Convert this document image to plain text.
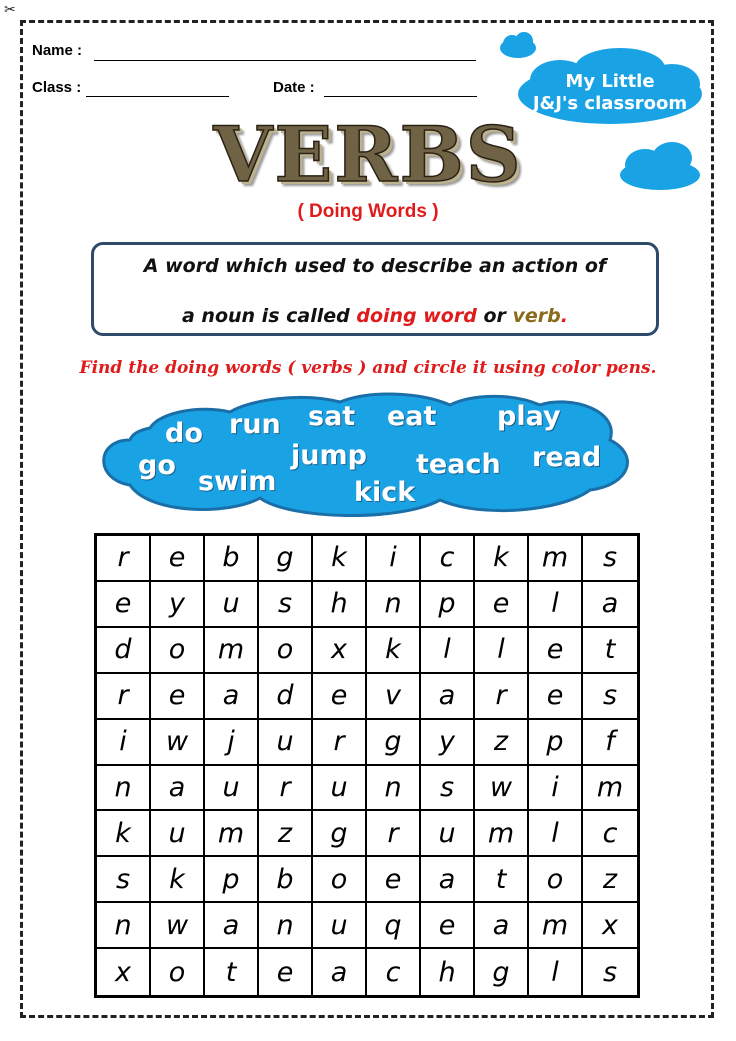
✂
Name :
Class :	Date :	My Little
J&J's classroom
VERBS
( Doing Words )
A word which used to describe an action of
a noun is called doing word or verb.
Find the doing words ( verbs ) and circle it using color pens.
do run sat eat play
go
swim
jump teach read
kick
r	e	b	g	k	i	c	k	m	s
e	y	u	s	h	n	p	e	l	a
d	o	m	o	x	k	l	l	e	t
r	e	a	d	e	v	a	r	e	s
i	w	j	u	r	g	y	z	p	f
n	a	u	r	u	n	s	w	i	m
k	u	m	z	g	r	u	m	l	c
s	k	p	b	o	e	a	t	o	z
n	w	a	n	u	q	e	a	m	x
x	o	t	e	a	c	h	g	l	s
